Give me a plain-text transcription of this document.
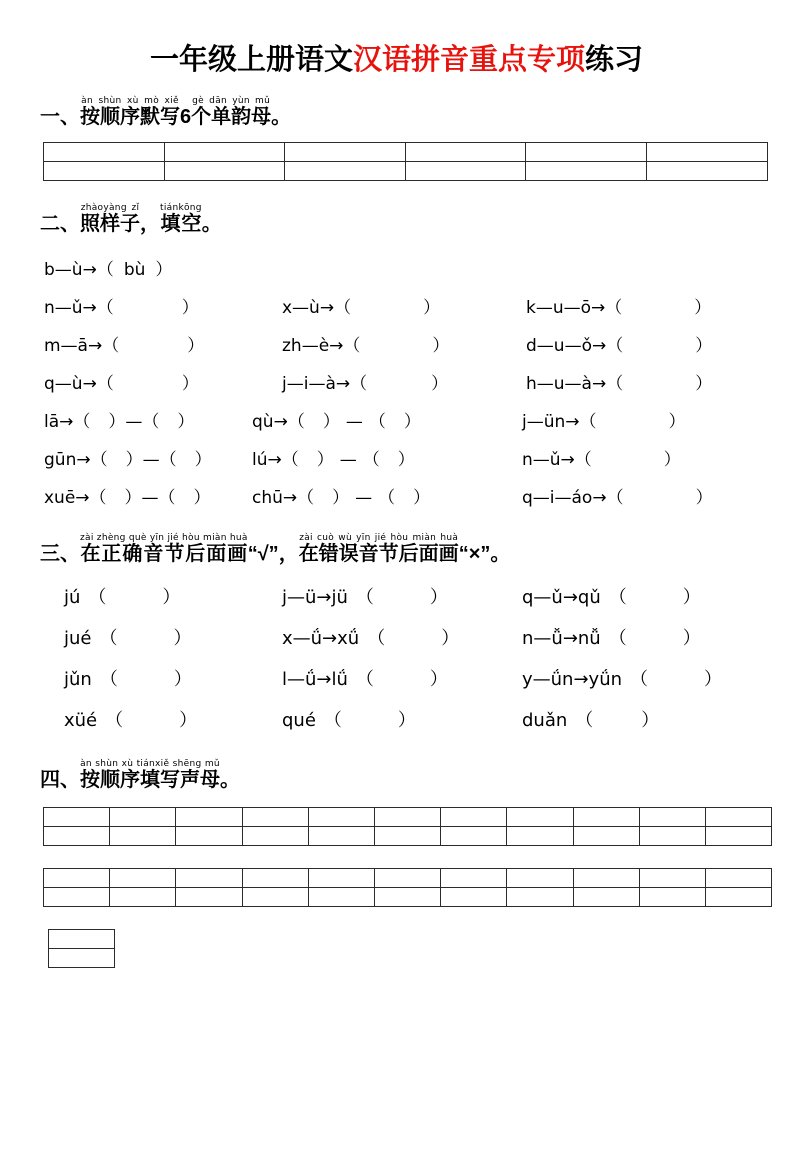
一年级上册语文汉语拼音重点专项练习
一、按顺序默写àn shùn xù mò xiě6个单韵母gè dān yùn mǔ。

二、照样子zhàoyàng zǐ，填空tiánkōng。
b—ù→（ bù ）
n—ǔ→（	）	x—ù→（	）	k—u—ō→（	）
m—ā→（	）	zh—è→（	）	d—u—ǒ→（	）
q—ù→（	）	j—i—à→（	）	h—u—à→（	）
lā→（ ）—（ ）	qù→（ ） — （ ）	j—ün→（	）
gūn→（ ）—（ ） lú→（ ） — （ ）	n—ǔ→（	）
xuē→（ ）—（ ） chū→（ ） — （ ）	q—i—áo→（	）
三、在正确音节后面画zài zhèng què yīn jié hòu miàn huà“√”，在错误音节后面画zài cuò wù yīn jié hòu miàn huà“×”。
jú （	）	j—ü→jü （	）	q—ǔ→qǔ （	）
jué （	）	x—ǘ→xǘ （	）	n—ǚ→nǚ （	）
jǔn （	）	l—ǘ→lǘ （	）	y—ǘn→yǘn （	）
xüé （	）	qué （	）	duǎn （	）
四、按顺序填写声母àn shùn xù tiánxiě shēng mǔ。
